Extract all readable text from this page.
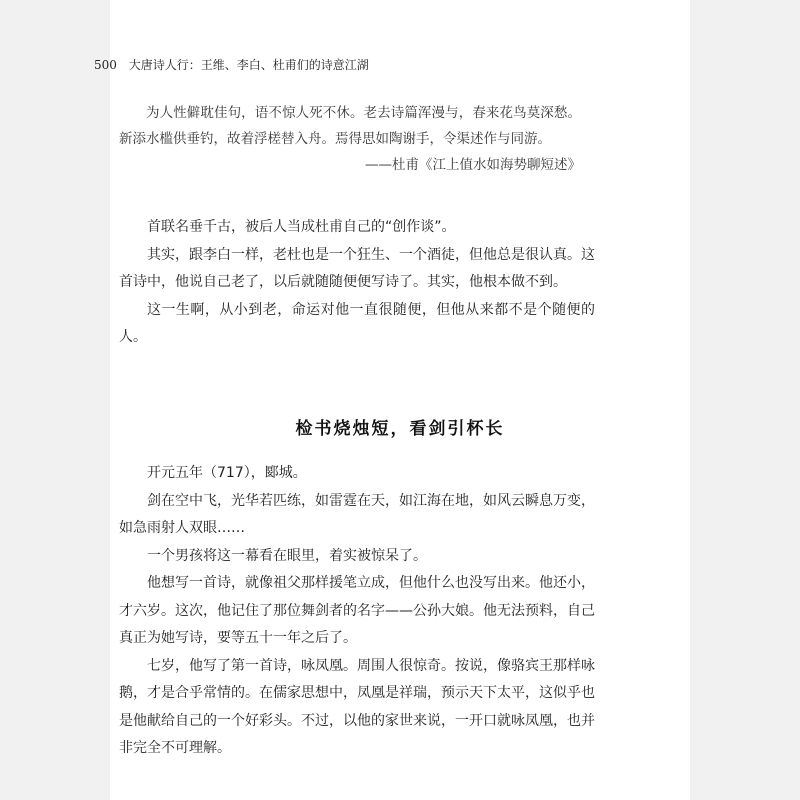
500 大唐诗人行：王维、李白、杜甫们的诗意江湖

为人性僻耽佳句，语不惊人死不休。老去诗篇浑漫与，春来花鸟莫深愁。新添水槛供垂钓，故着浮槎替入舟。焉得思如陶谢手，令渠述作与同游。

——杜甫《江上值水如海势聊短述》

首联名垂千古，被后人当成杜甫自己的“创作谈”。

其实，跟李白一样，老杜也是一个狂生、一个酒徒，但他总是很认真。这首诗中，他说自己老了，以后就随随便便写诗了。其实，他根本做不到。

这一生啊，从小到老，命运对他一直很随便，但他从来都不是个随便的人。

检书烧烛短，看剑引杯长

开元五年（717），郾城。

剑在空中飞，光华若匹练，如雷霆在天，如江海在地，如风云瞬息万变，如急雨射人双眼……

一个男孩将这一幕看在眼里，着实被惊呆了。

他想写一首诗，就像祖父那样援笔立成，但他什么也没写出来。他还小，才六岁。这次，他记住了那位舞剑者的名字——公孙大娘。他无法预料，自己真正为她写诗，要等五十一年之后了。

七岁，他写了第一首诗，咏凤凰。周围人很惊奇。按说，像骆宾王那样咏鹅，才是合乎常情的。在儒家思想中，凤凰是祥瑞，预示天下太平，这似乎也是他献给自己的一个好彩头。不过，以他的家世来说，一开口就咏凤凰，也并非完全不可理解。
